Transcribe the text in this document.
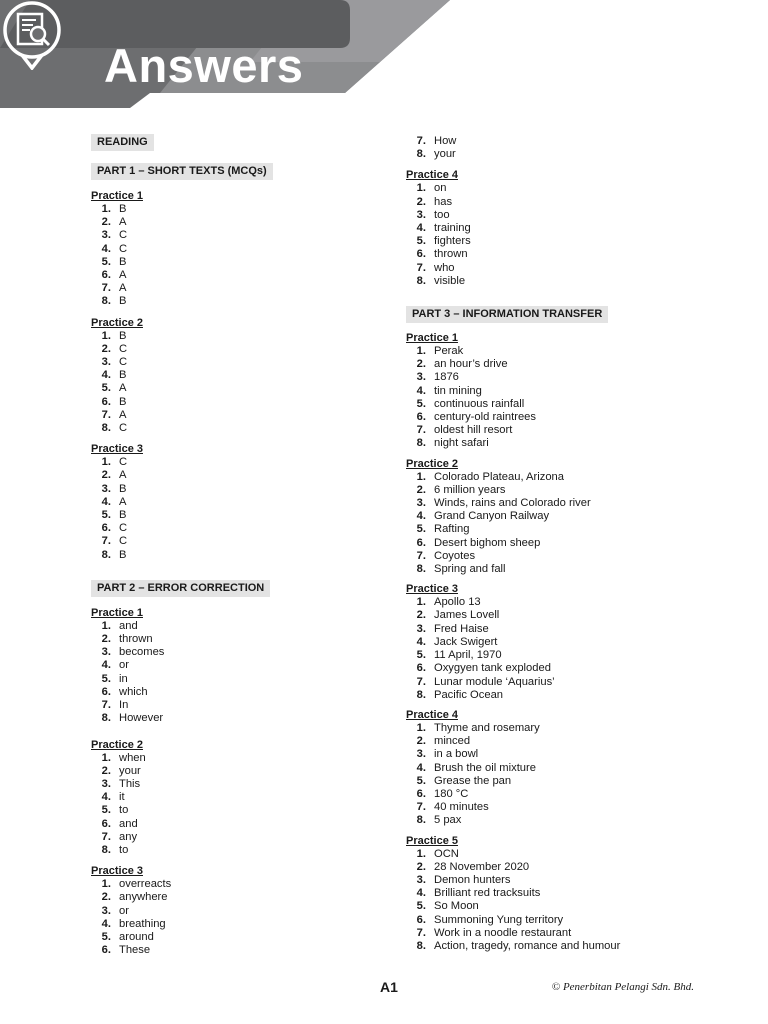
Answers	Mastery Practice
READING
PART 1 – SHORT TEXTS (MCQs)
Practice 1
1. B
2. A
3. C
4. C
5. B
6. A
7. A
8. B
Practice 2
1. B
2. C
3. C
4. B
5. A
6. B
7. A
8. C
Practice 3
1. C
2. A
3. B
4. A
5. B
6. C
7. C
8. B
PART 2 – ERROR CORRECTION
Practice 1
1. and
2. thrown
3. becomes
4. or
5. in
6. which
7. In
8. However
Practice 2
1. when
2. your
3. This
4. it
5. to
6. and
7. any
8. to
Practice 3
1. overreacts
2. anywhere
3. or
4. breathing
5. around
6. These
7. How
8. your
Practice 4
1. on
2. has
3. too
4. training
5. fighters
6. thrown
7. who
8. visible
PART 3 – INFORMATION TRANSFER
Practice 1
1. Perak
2. an hour’s drive
3. 1876
4. tin mining
5. continuous rainfall
6. century-old raintrees
7. oldest hill resort
8. night safari
Practice 2
1. Colorado Plateau, Arizona
2. 6 million years
3. Winds, rains and Colorado river
4. Grand Canyon Railway
5. Rafting
6. Desert bighom sheep
7. Coyotes
8. Spring and fall
Practice 3
1. Apollo 13
2. James Lovell
3. Fred Haise
4. Jack Swigert
5. 11 April, 1970
6. Oxygyen tank exploded
7. Lunar module ‘Aquarius’
8. Pacific Ocean
Practice 4
1. Thyme and rosemary
2. minced
3. in a bowl
4. Brush the oil mixture
5. Grease the pan
6. 180 °C
7. 40 minutes
8. 5 pax
Practice 5
1. OCN
2. 28 November 2020
3. Demon hunters
4. Brilliant red tracksuits
5. So Moon
6. Summoning Yung territory
7. Work in a noodle restaurant
8. Action, tragedy, romance and humour
A1	© Penerbitan Pelangi Sdn. Bhd.
